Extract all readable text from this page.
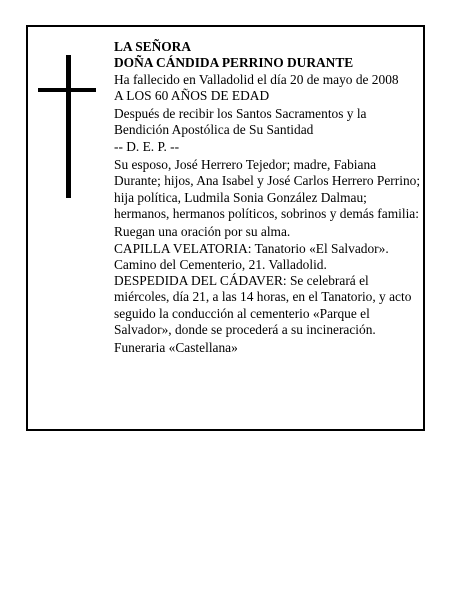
LA SEÑORA

DOÑA CÁNDIDA PERRINO DURANTE

Ha fallecido en Valladolid el día 20 de mayo de 2008

A LOS 60 AÑOS DE EDAD

Después de recibir los Santos Sacramentos y la Bendición Apostólica de Su Santidad

-- D. E. P. --

Su esposo, José Herrero Tejedor; madre, Fabiana Durante; hijos, Ana Isabel y José Carlos Herrero Perrino; hija política, Ludmila Sonia González Dalmau; hermanos, hermanos políticos, sobrinos y demás familia:

Ruegan una oración por su alma.

CAPILLA VELATORIA: Tanatorio «El Salvador». Camino del Cementerio, 21. Valladolid.

DESPEDIDA DEL CÁDAVER: Se celebrará el miércoles, día 21, a las 14 horas, en el Tanatorio, y acto seguido la conducción al cementerio «Parque el Salvador», donde se procederá a su incineración.

Funeraria «Castellana»
